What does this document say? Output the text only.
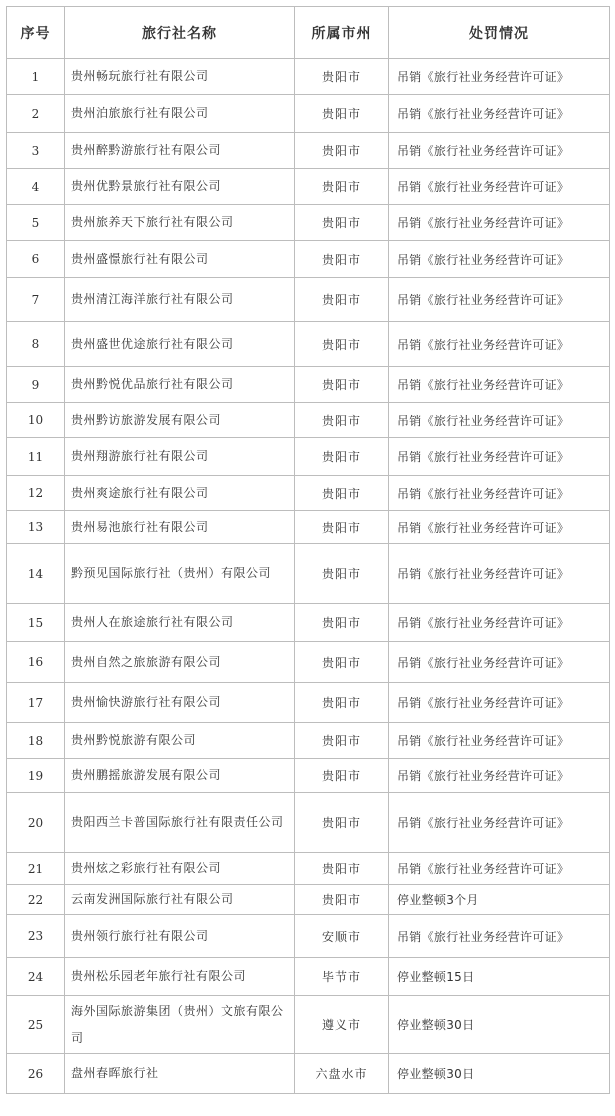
序号	旅行社名称	所属市州	处罚情况
1	贵州畅玩旅行社有限公司	贵阳市	吊销《旅行社业务经营许可证》
2	贵州泊旅旅行社有限公司	贵阳市	吊销《旅行社业务经营许可证》
3	贵州醉黔游旅行社有限公司	贵阳市	吊销《旅行社业务经营许可证》
4	贵州优黔景旅行社有限公司	贵阳市	吊销《旅行社业务经营许可证》
5	贵州旅养天下旅行社有限公司	贵阳市	吊销《旅行社业务经营许可证》
6	贵州盛憬旅行社有限公司	贵阳市	吊销《旅行社业务经营许可证》
7	贵州清江海洋旅行社有限公司	贵阳市	吊销《旅行社业务经营许可证》
8	贵州盛世优途旅行社有限公司	贵阳市	吊销《旅行社业务经营许可证》
9	贵州黔悦优品旅行社有限公司	贵阳市	吊销《旅行社业务经营许可证》
10	贵州黔访旅游发展有限公司	贵阳市	吊销《旅行社业务经营许可证》
11	贵州翔游旅行社有限公司	贵阳市	吊销《旅行社业务经营许可证》
12	贵州爽途旅行社有限公司	贵阳市	吊销《旅行社业务经营许可证》
13	贵州易池旅行社有限公司	贵阳市	吊销《旅行社业务经营许可证》
14	黔预见国际旅行社（贵州）有限公司	贵阳市	吊销《旅行社业务经营许可证》
15	贵州人在旅途旅行社有限公司	贵阳市	吊销《旅行社业务经营许可证》
16	贵州自然之旅旅游有限公司	贵阳市	吊销《旅行社业务经营许可证》
17	贵州愉快游旅行社有限公司	贵阳市	吊销《旅行社业务经营许可证》
18	贵州黔悦旅游有限公司	贵阳市	吊销《旅行社业务经营许可证》
19	贵州鹏摇旅游发展有限公司	贵阳市	吊销《旅行社业务经营许可证》
20	贵阳西兰卡普国际旅行社有限责任公司	贵阳市	吊销《旅行社业务经营许可证》
21	贵州炫之彩旅行社有限公司	贵阳市	吊销《旅行社业务经营许可证》
22	云南发洲国际旅行社有限公司	贵阳市	停业整顿3个月
23	贵州领行旅行社有限公司	安顺市	吊销《旅行社业务经营许可证》
24	贵州松乐园老年旅行社有限公司	毕节市	停业整顿15日
25	海外国际旅游集团（贵州）文旅有限公司	遵义市	停业整顿30日
26	盘州春晖旅行社	六盘水市	停业整顿30日
